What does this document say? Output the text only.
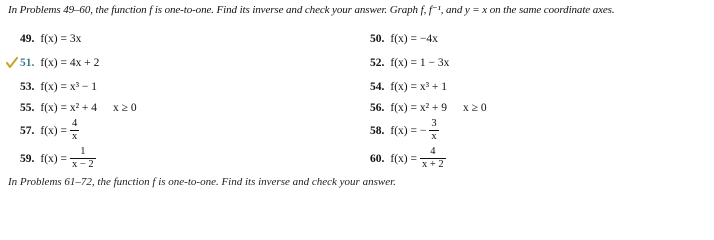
In Problems 49–60, the function f is one-to-one. Find its inverse and check your answer. Graph f, f⁻¹, and y = x on the same coordinate axes.
49. f(x) =
3x
51. f(x) =
4x + 2
53. f(x) =
x³ − 1
55. f(x) =
x² + 4 x ≥ 0
57. $f(x) = \frac{4}{x}$
59. $f(x) = \frac{1}{x - 2}$
50. f(x) =
−4x
52. f(x) =
1 − 3x
54. f(x) =
x³ + 1
56. f(x) =
x² + 9 x ≥ 0
58. f(x) =
− $\frac{3}{x}$
60. $f(x) = \frac{4}{x + 2}$
In Problems 61–72, the function f is one-to-one. Find its inverse and check your answer.
